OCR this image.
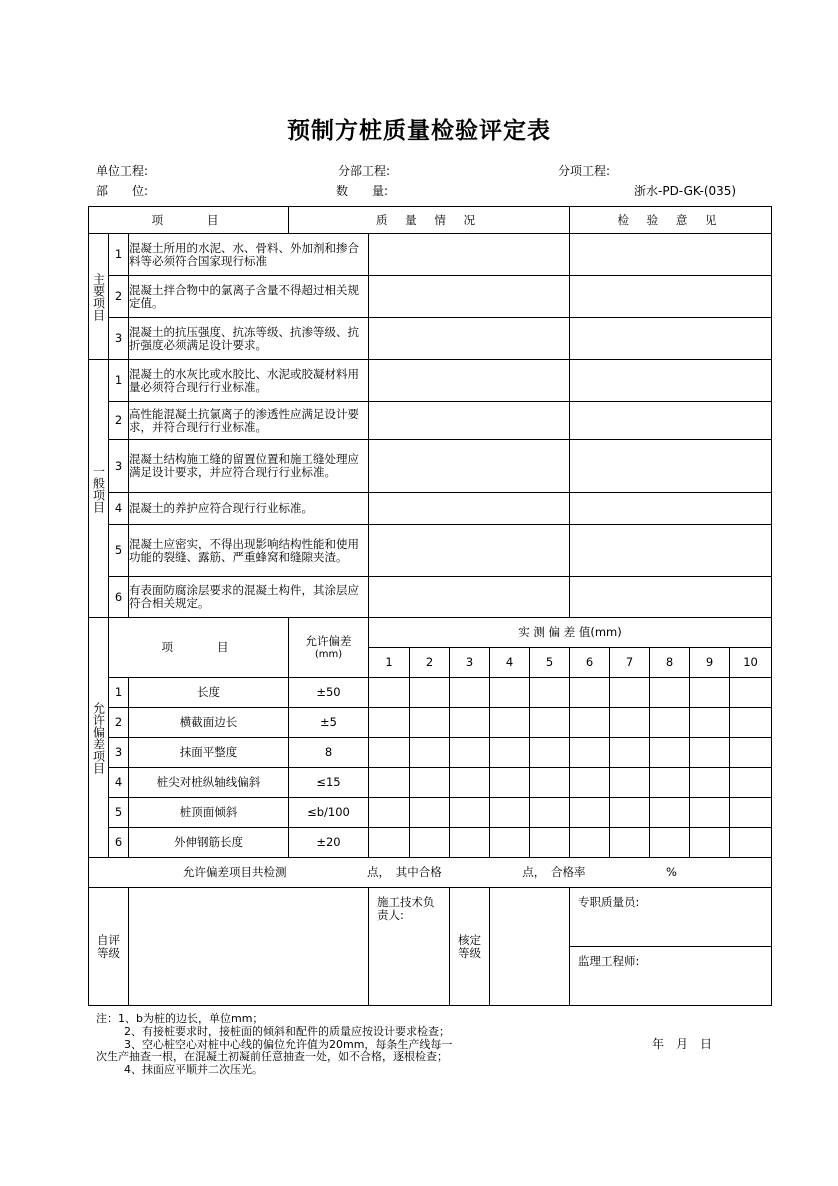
预制方桩质量检验评定表
单位工程:	分部工程:	分项工程:
部　　位:	数　　量:	浙水-PD-GK-(035)
项　　目			质 量 情 况						检 验 意 见				

主要项目	1	混凝土所用的水泥、水、骨料、外加剂和掺合料等必须符合国家现行标准											
	2	混凝土拌合物中的氯离子含量不得超过相关规定值。											
	3	混凝土的抗压强度、抗冻等级、抗渗等级、抗折强度必须满足设计要求。											

一般项目	1	混凝土的水灰比或水胶比、水泥或胶凝材料用量必须符合现行行业标准。											
	2	高性能混凝土抗氯离子的渗透性应满足设计要求，并符合现行行业标准。											
	3	混凝土结构施工缝的留置位置和施工缝处理应满足设计要求，并应符合现行行业标准。											
	4	混凝土的养护应符合现行行业标准。											
	5	混凝土应密实，不得出现影响结构性能和使用功能的裂缝、露筋、严重蜂窝和缝隙夹渣。											
	6	有表面防腐涂层要求的混凝土构件，其涂层应符合相关规定。											

允许偏差项目	项　　目		允许偏差
(mm)	实 测 偏 差 值(mm)									
				1	2	3	4	5	6	7	8	9	10
	1	长度	±50										
	2	横截面边长	±5										
	3	抹面平整度	8										
	4	桩尖对桩纵轴线偏斜	≤15										
	5	桩顶面倾斜	≤b/100										
	6	外伸钢筋长度	±20										
允许偏差项目共检测　　　　　　　点，　其中合格　　　　　　　点，　合格率　　　　　　　%													
自评等级				施工技术负责人:		核定等级			专职质量员:				
									监理工程师:				
注：1、b为桩的边长，单位mm；
2、有接桩要求时，接桩面的倾斜和配件的质量应按设计要求检查；
3、空心桩空心对桩中心线的偏位允许值为20mm，每条生产线每一
次生产抽查一根，在混凝土初凝前任意抽查一处，如不合格，逐根检查；
4、抹面应平顺并二次压光。
年　月　日
